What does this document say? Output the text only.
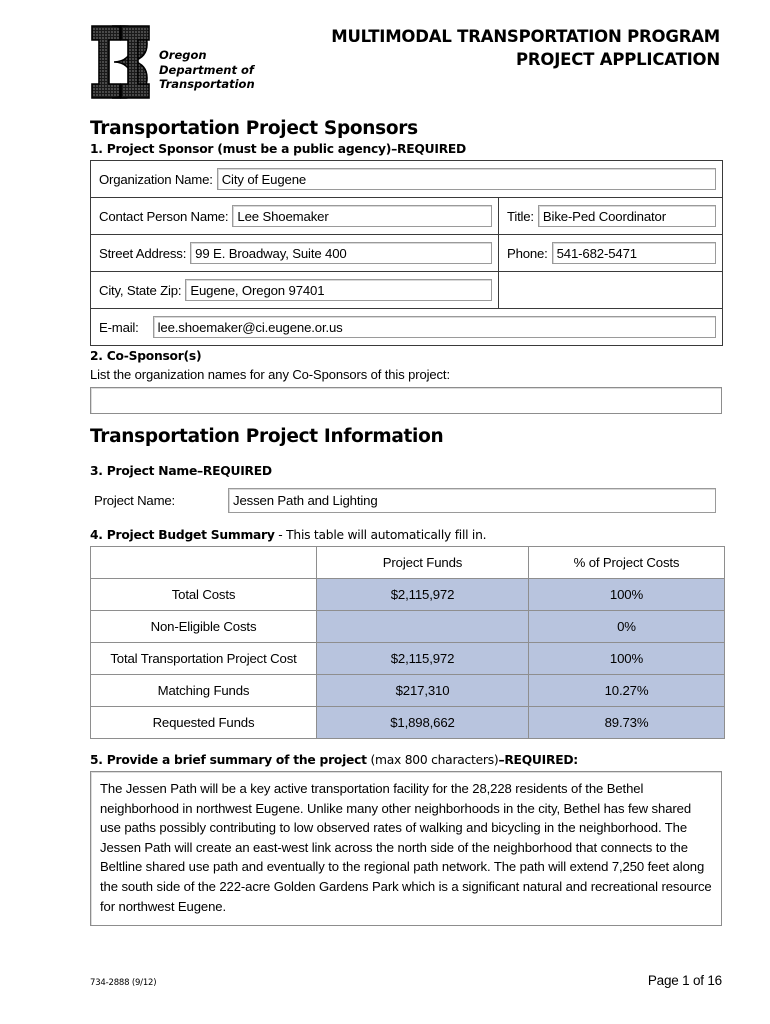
Oregon
Department of
Transportation
MULTIMODAL TRANSPORTATION PROGRAM
PROJECT APPLICATION
Transportation Project Sponsors
1. Project Sponsor (must be a public agency)–REQUIRED
Organization Name: City of Eugene	

Contact Person Name: Lee Shoemaker	Title: Bike-Ped Coordinator

Street Address: 99 E. Broadway, Suite 400	Phone: 541-682-5471

City, State Zip: Eugene, Oregon 97401	

E-mail: lee.shoemaker@ci.eugene.or.us	
2. Co-Sponsor(s)
List the organization names for any Co-Sponsors of this project:
Transportation Project Information
3. Project Name–REQUIRED
Project Name:	Jessen Path and Lighting
4. Project Budget Summary - This table will automatically fill in.
	Project Funds	% of Project Costs
Total Costs	$2,115,972	100%
Non-Eligible Costs		0%
Total Transportation Project Cost	$2,115,972	100%
Matching Funds	$217,310	10.27%
Requested Funds	$1,898,662	89.73%
5. Provide a brief summary of the project (max 800 characters)–REQUIRED:
The Jessen Path will be a key active transportation facility for the 28,228 residents of the Bethel neighborhood in northwest Eugene. Unlike many other neighborhoods in the city, Bethel has few shared use paths possibly contributing to low observed rates of walking and bicycling in the neighborhood. The Jessen Path will create an east-west link across the north side of the neighborhood that connects to the Beltline shared use path and eventually to the regional path network. The path will extend 7,250 feet along the south side of the 222-acre Golden Gardens Park which is a significant natural and recreational resource for northwest Eugene.
734-2888 (9/12)	Page 1 of 16
